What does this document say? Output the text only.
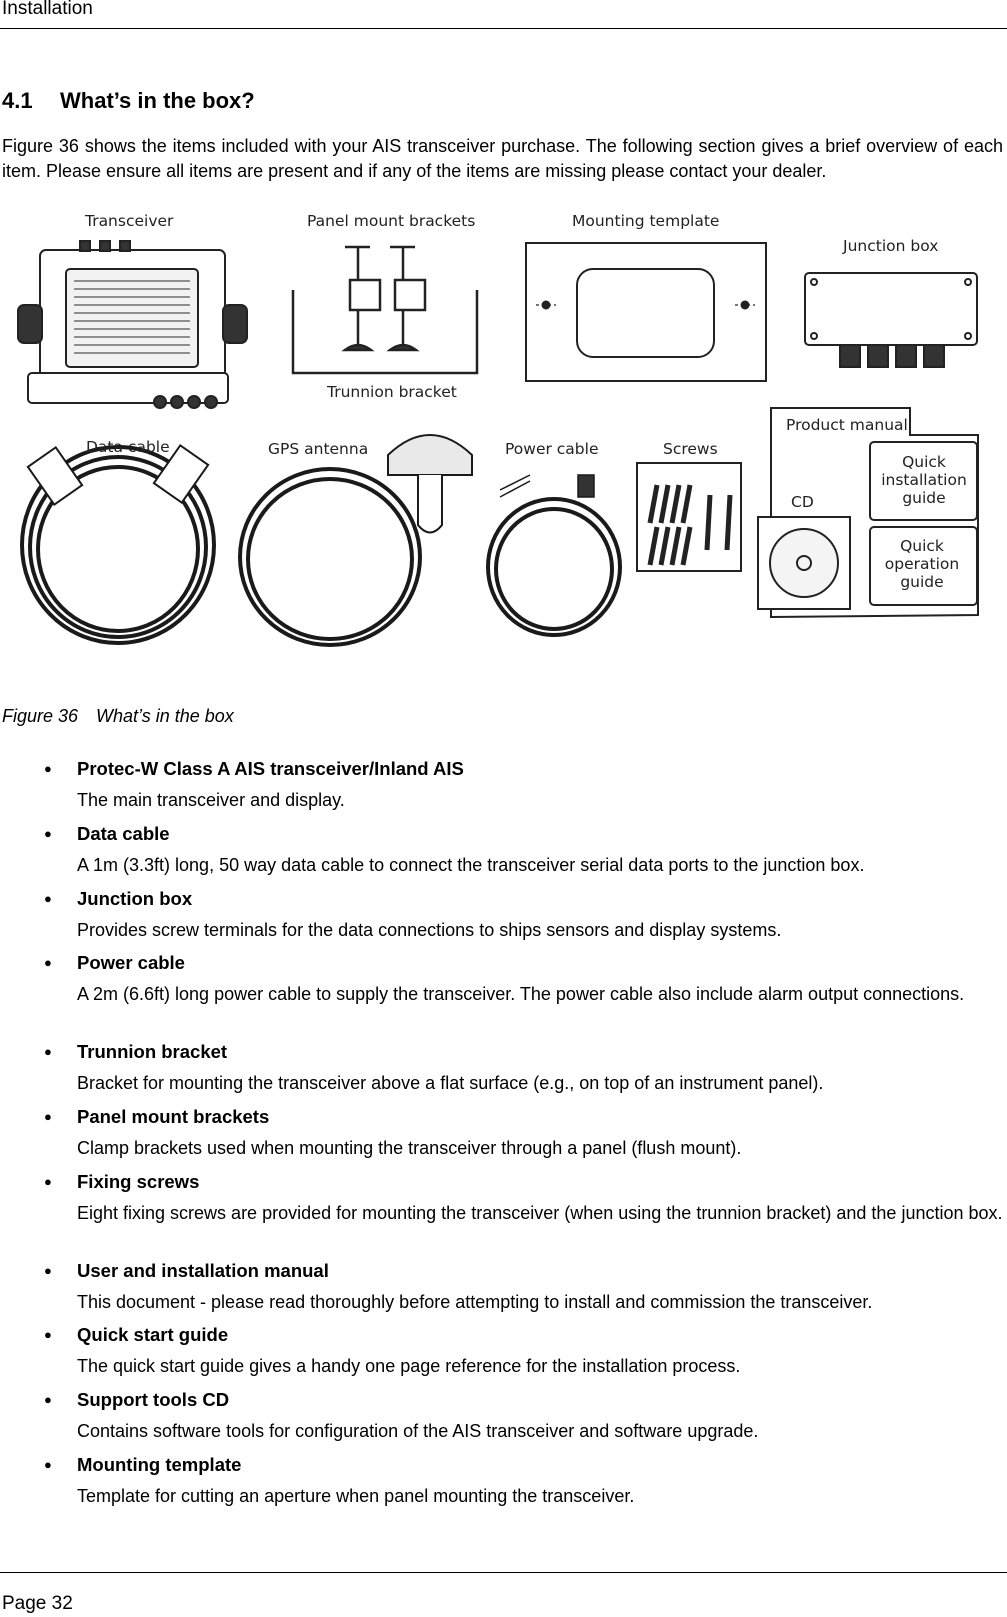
Installation
4.1 What’s in the box?

Figure 36 shows the items included with your AIS transceiver purchase. The following section gives a brief overview of each item. Please ensure all items are present and if any of the items are missing please contact your dealer.

Transceiver	Panel mount brackets
Trunnion bracket
Mounting template
Junction box
Data cable	GPS antenna	Power cable	Screws
Product manual
CD
Quick
installation
guide
Quick
operation
guide
Figure 36 What’s in the box
● Protec-W Class A AIS transceiver/Inland AIS
The main transceiver and display.
● Data cable
A 1m (3.3ft) long, 50 way data cable to connect the transceiver serial data ports to the junction box.
● Junction box
Provides screw terminals for the data connections to ships sensors and display systems.
● Power cable
A 2m (6.6ft) long power cable to supply the transceiver. The power cable also include alarm output connections.
● Trunnion bracket
Bracket for mounting the transceiver above a flat surface (e.g., on top of an instrument panel).
● Panel mount brackets
Clamp brackets used when mounting the transceiver through a panel (flush mount).
● Fixing screws
Eight fixing screws are provided for mounting the transceiver (when using the trunnion bracket) and the junction box.
● User and installation manual
This document - please read thoroughly before attempting to install and commission the transceiver.
● Quick start guide
The quick start guide gives a handy one page reference for the installation process.
● Support tools CD
Contains software tools for configuration of the AIS transceiver and software upgrade.
● Mounting template
Template for cutting an aperture when panel mounting the transceiver.
Page 32
